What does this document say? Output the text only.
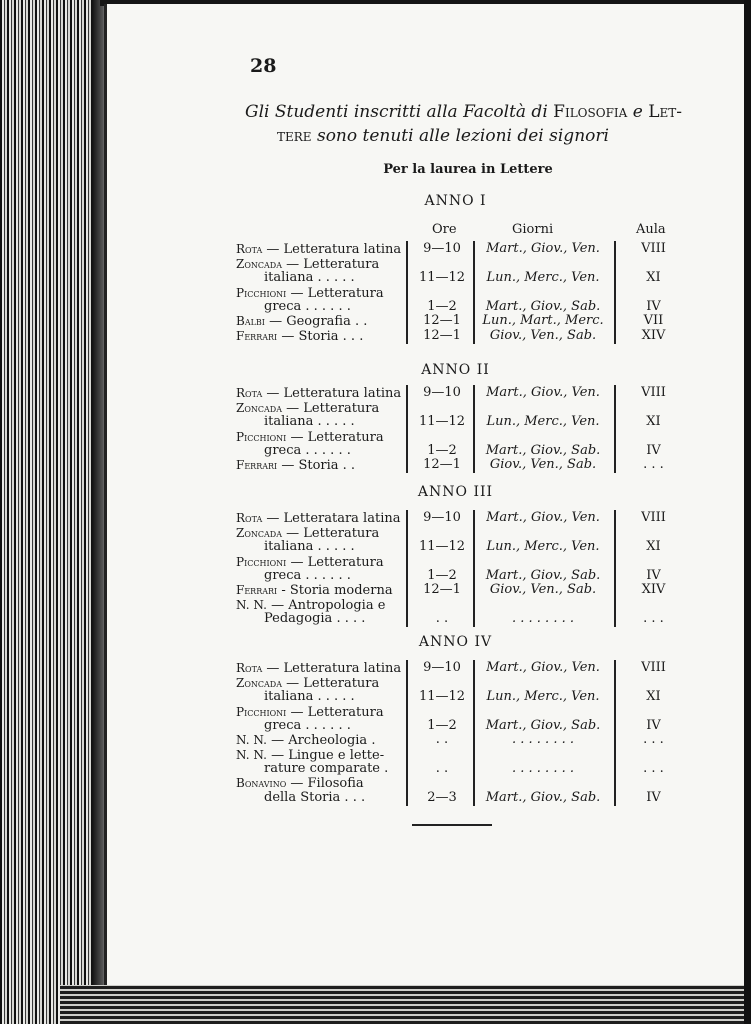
28
Gli Studenti inscritti alla Facoltà di Filosofia e Let-
tere sono tenuti alle lezioni dei signori
Per la laurea in Lettere
Ore	Giorni	Aula
ANNO I
Rota — Letteratura latina	9—10	Mart., Giov., Ven.	VIII
Zoncada — Letteratura
italiana . . . . .	11—12	Lun., Merc., Ven.	XI
Picchioni — Letteratura
greca . . . . . .	1—2	Mart., Giov., Sab.	IV
Balbi — Geografia . .	12—1	Lun., Mart., Merc.	VII
Ferrari — Storia . . .	12—1	Giov., Ven., Sab.	XIV
ANNO II
Rota — Letteratura latina	9—10	Mart., Giov., Ven.	VIII
Zoncada — Letteratura
italiana . . . . .	11—12	Lun., Merc., Ven.	XI
Picchioni — Letteratura
greca . . . . . .	1—2	Mart., Giov., Sab.	IV
Ferrari — Storia . .	12—1	Giov., Ven., Sab.	. . .
ANNO III
Rota — Letteratara latina	9—10	Mart., Giov., Ven.	VIII
Zoncada — Letteratura
italiana . . . . .	11—12	Lun., Merc., Ven.	XI
Picchioni — Letteratura
greca . . . . . .	1—2	Mart., Giov., Sab.	IV
Ferrari - Storia moderna	12—1	Giov., Ven., Sab.	XIV
N. N. — Antropologia e
Pedagogia . . . .	. .	. . . . . . . .	. . .
ANNO IV
Rota — Letteratura latina	9—10	Mart., Giov., Ven.	VIII
Zoncada — Letteratura
italiana . . . . .	11—12	Lun., Merc., Ven.	XI
Picchioni — Letteratura
greca . . . . . .	1—2	Mart., Giov., Sab.	IV
N. N. — Archeologia .	. .	. . . . . . . .	. . .
N. N. — Lingue e lette-
rature comparate .	. .	. . . . . . . .	. . .
Bonavino — Filosofia
della Storia . . .	2—3	Mart., Giov., Sab.	IV
